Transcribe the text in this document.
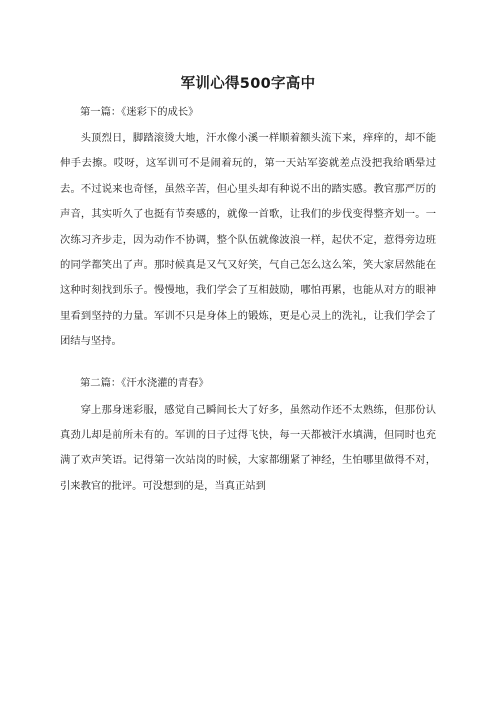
军训心得500字高中

第一篇：《迷彩下的成长》

头顶烈日，脚踏滚烫大地，汗水像小溪一样顺着额头流下来，痒痒的，却不能伸手去擦。哎呀，这军训可不是闹着玩的，第一天站军姿就差点没把我给晒晕过去。不过说来也奇怪，虽然辛苦，但心里头却有种说不出的踏实感。教官那严厉的声音，其实听久了也挺有节奏感的，就像一首歌，让我们的步伐变得整齐划一。一次练习齐步走，因为动作不协调，整个队伍就像波浪一样，起伏不定，惹得旁边班的同学都笑出了声。那时候真是又气又好笑，气自己怎么这么笨，笑大家居然能在这种时刻找到乐子。慢慢地，我们学会了互相鼓励，哪怕再累，也能从对方的眼神里看到坚持的力量。军训不只是身体上的锻炼，更是心灵上的洗礼，让我们学会了团结与坚持。

第二篇：《汗水浇灌的青春》

穿上那身迷彩服，感觉自己瞬间长大了好多，虽然动作还不太熟练，但那份认真劲儿却是前所未有的。军训的日子过得飞快，每一天都被汗水填满，但同时也充满了欢声笑语。记得第一次站岗的时候，大家都绷紧了神经，生怕哪里做得不对，引来教官的批评。可没想到的是，当真正站到
